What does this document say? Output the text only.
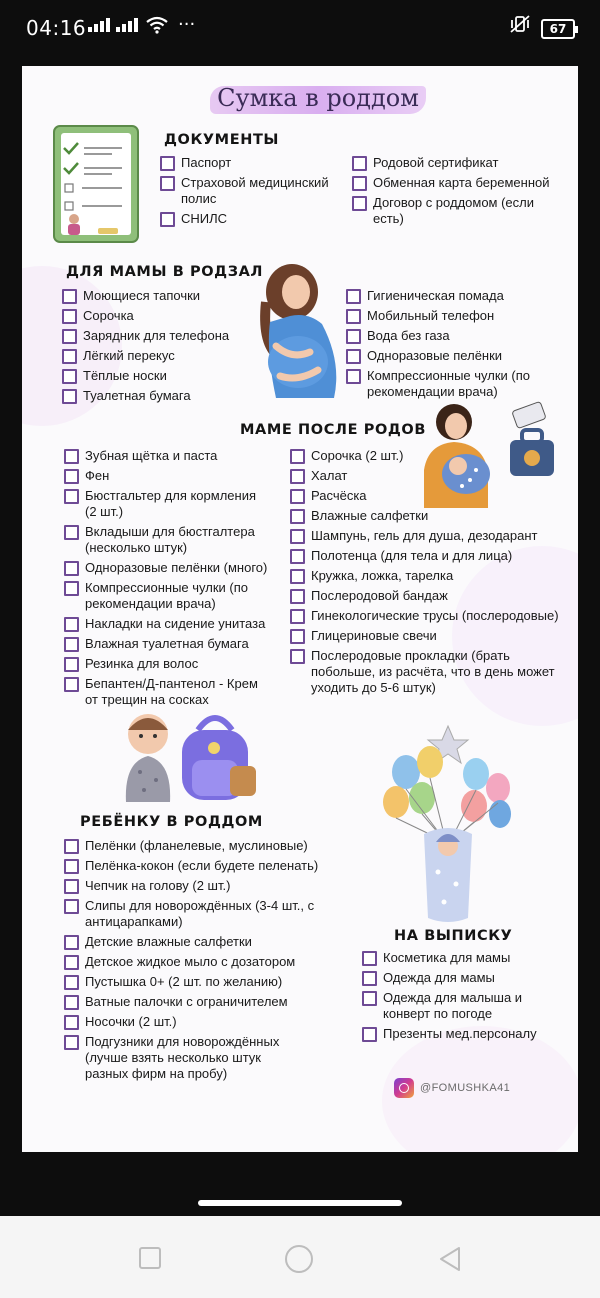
04:16	···	67
Сумка в роддом
ДОКУМЕНТЫ
Паспорт
Страховой медицинский полис
СНИЛС
Родовой сертификат
Обменная карта беременной
Договор с роддомом (если есть)
ДЛЯ МАМЫ В РОДЗАЛ
Моющиеся тапочки
Сорочка
Зарядник для телефона
Лёгкий перекус
Тёплые носки
Туалетная бумага
Гигиеническая помада
Мобильный телефон
Вода без газа
Одноразовые пелёнки
Компрессионные чулки (по рекомендации врача)
МАМЕ ПОСЛЕ РОДОВ
Зубная щётка и паста
Фен
Бюстгальтер для кормления (2 шт.)
Вкладыши для бюстгалтера (несколько штук)
Одноразовые пелёнки (много)
Компрессионные чулки (по рекомендации врача)
Накладки на сидение унитаза
Влажная туалетная бумага
Резинка для волос
Бепантен/Д-пантенол - Крем от трещин на сосках
Сорочка (2 шт.)
Халат
Расчёска
Влажные салфетки
Шампунь, гель для душа, дезодарант
Полотенца (для тела и для лица)
Кружка, ложка, тарелка
Послеродовой бандаж
Гинекологические трусы (послеродовые)
Глицериновые свечи
Послеродовые прокладки (брать побольше, из расчёта, что в день может уходить до 5-6 штук)
РЕБЁНКУ В РОДДОМ
Пелёнки (фланелевые, муслиновые)
Пелёнка-кокон (если будете пеленать)
Чепчик на голову (2 шт.)
Слипы для новорождённых (3-4 шт., с антицарапками)
Детские влажные салфетки
Детское жидкое мыло с дозатором
Пустышка 0+ (2 шт. по желанию)
Ватные палочки с ограничителем
Носочки (2 шт.)
Подгузники для новорождённых (лучше взять несколько штук разных фирм на пробу)
НА ВЫПИСКУ
Косметика для мамы
Одежда для мамы
Одежда для малыша и конверт по погоде
Презенты мед.персоналу
@FOMUSHKA41
